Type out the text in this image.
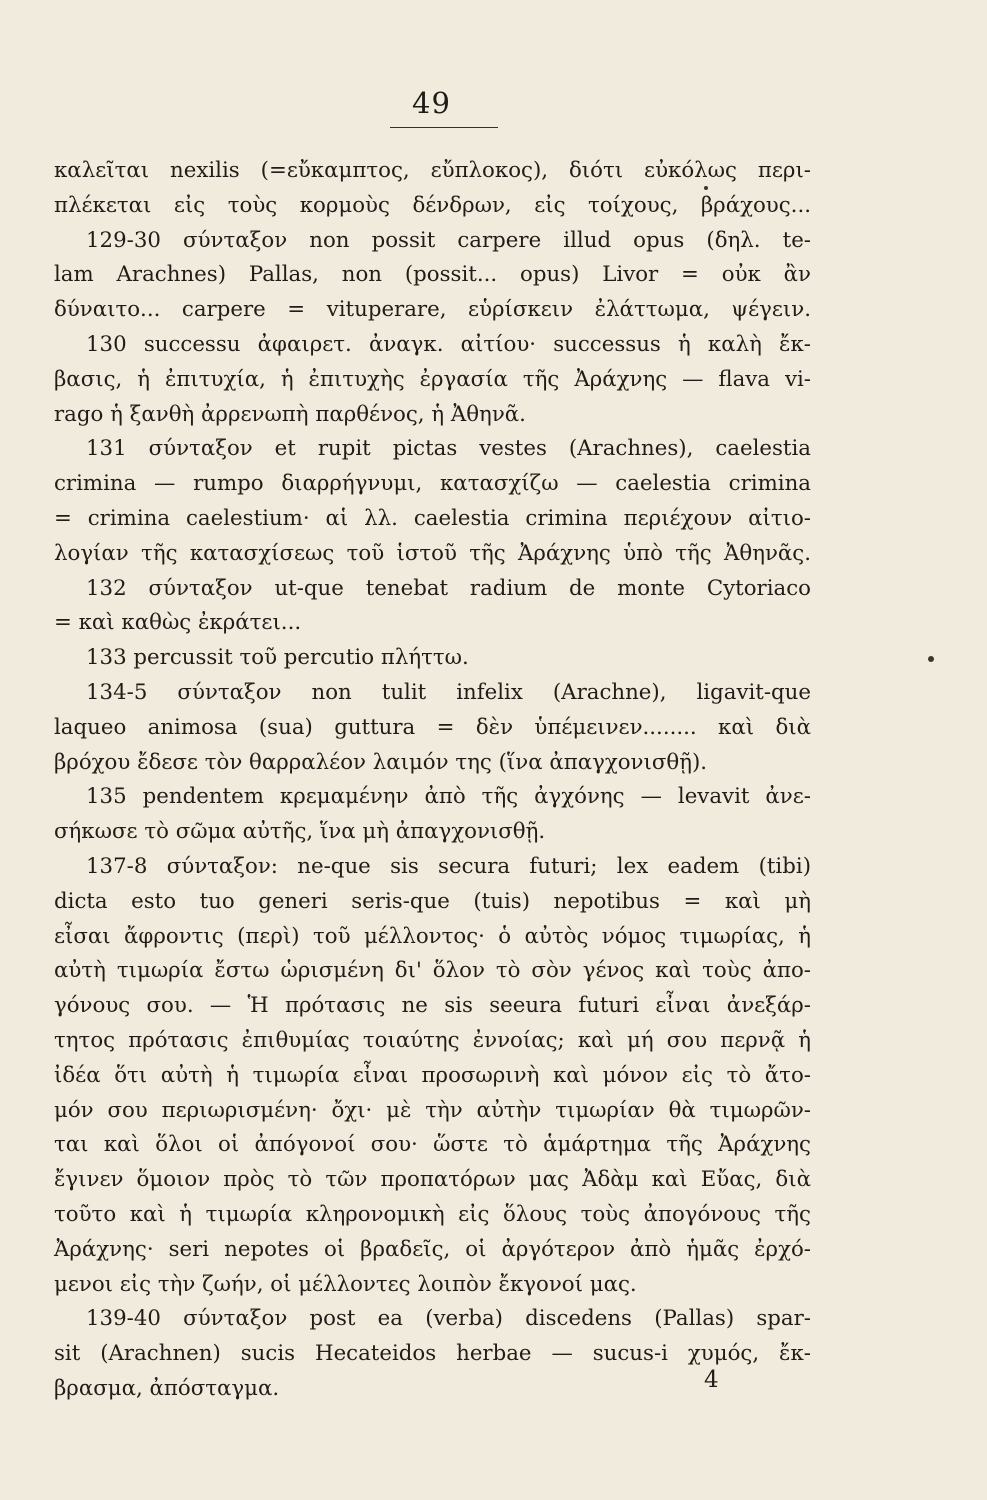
49
καλεῖται nexilis (=εὔκαμπτος, εὔπλοκος), διότι εὐκόλως περι-
πλέκεται εἰς τοὺς κορμοὺς δένδρων, εἰς τοίχους, βράχους...
129-30 σύνταξον non possit carpere illud opus (δηλ. te-
lam Arachnes) Pallas, non (possit... opus) Livor = οὐκ ἂν
δύναιτο... carpere = vituperare, εὑρίσκειν ἐλάττωμα, ψέγειν.
130 successu ἀφαιρετ. ἀναγκ. αἰτίου· successus ἡ καλὴ ἔκ-
βασις, ἡ ἐπιτυχία, ἡ ἐπιτυχὴς ἐργασία τῆς Ἀράχνης — flava vi-
rago ἡ ξανθὴ ἀρρενωπὴ παρθένος, ἡ Ἀθηνᾶ.
131 σύνταξον et rupit pictas vestes (Arachnes), caelestia
crimina — rumpo διαρρήγνυμι, κατασχίζω — caelestia crimina
= crimina caelestium· αἱ λλ. caelestia crimina περιέχουν αἰτιο-
λογίαν τῆς κατασχίσεως τοῦ ἱστοῦ τῆς Ἀράχνης ὑπὸ τῆς Ἀθηνᾶς.
132 σύνταξον ut-que tenebat radium de monte Cytoriaco
= καὶ καθὼς ἐκράτει...
133 percussit τοῦ percutio πλήττω.
134-5 σύνταξον non tulit infelix (Arachne), ligavit-que
laqueo animosa (sua) guttura = δὲν ὑπέμεινεν........ καὶ διὰ
βρόχου ἔδεσε τὸν θαρραλέον λαιμόν της (ἵνα ἀπαγχονισθῇ).
135 pendentem κρεμαμένην ἀπὸ τῆς ἀγχόνης — levavit ἀνε-
σήκωσε τὸ σῶμα αὐτῆς, ἵνα μὴ ἀπαγχονισθῇ.
137-8 σύνταξον: ne-que sis secura futuri; lex eadem (tibi)
dicta esto tuo generi seris-que (tuis) nepotibus = καὶ μὴ
εἶσαι ἄφροντις (περὶ) τοῦ μέλλοντος· ὁ αὐτὸς νόμος τιμωρίας, ἡ
αὐτὴ τιμωρία ἔστω ὡρισμένη δι' ὅλον τὸ σὸν γένος καὶ τοὺς ἀπο-
γόνους σου. — Ἡ πρότασις ne sis seeura futuri εἶναι ἀνεξάρ-
τητος πρότασις ἐπιθυμίας τοιαύτης ἐννοίας; καὶ μή σου περνᾷ ἡ
ἰδέα ὅτι αὐτὴ ἡ τιμωρία εἶναι προσωρινὴ καὶ μόνον εἰς τὸ ἄτο-
μόν σου περιωρισμένη· ὄχι· μὲ τὴν αὐτὴν τιμωρίαν θὰ τιμωρῶν-
ται καὶ ὅλοι οἱ ἀπόγονοί σου· ὥστε τὸ ἁμάρτημα τῆς Ἀράχνης
ἔγινεν ὅμοιον πρὸς τὸ τῶν προπατόρων μας Ἀδὰμ καὶ Εὔας, διὰ
τοῦτο καὶ ἡ τιμωρία κληρονομικὴ εἰς ὅλους τοὺς ἀπογόνους τῆς
Ἀράχνης· seri nepotes οἱ βραδεῖς, οἱ ἀργότερον ἀπὸ ἡμᾶς ἐρχό-
μενοι εἰς τὴν ζωήν, οἱ μέλλοντες λοιπὸν ἔκγονοί μας.
139-40 σύνταξον post ea (verba) discedens (Pallas) spar-
sit (Arachnen) sucis Hecateidos herbae — sucus-i χυμός, ἔκ-
βρασμα, ἀπόσταγμα.	4
